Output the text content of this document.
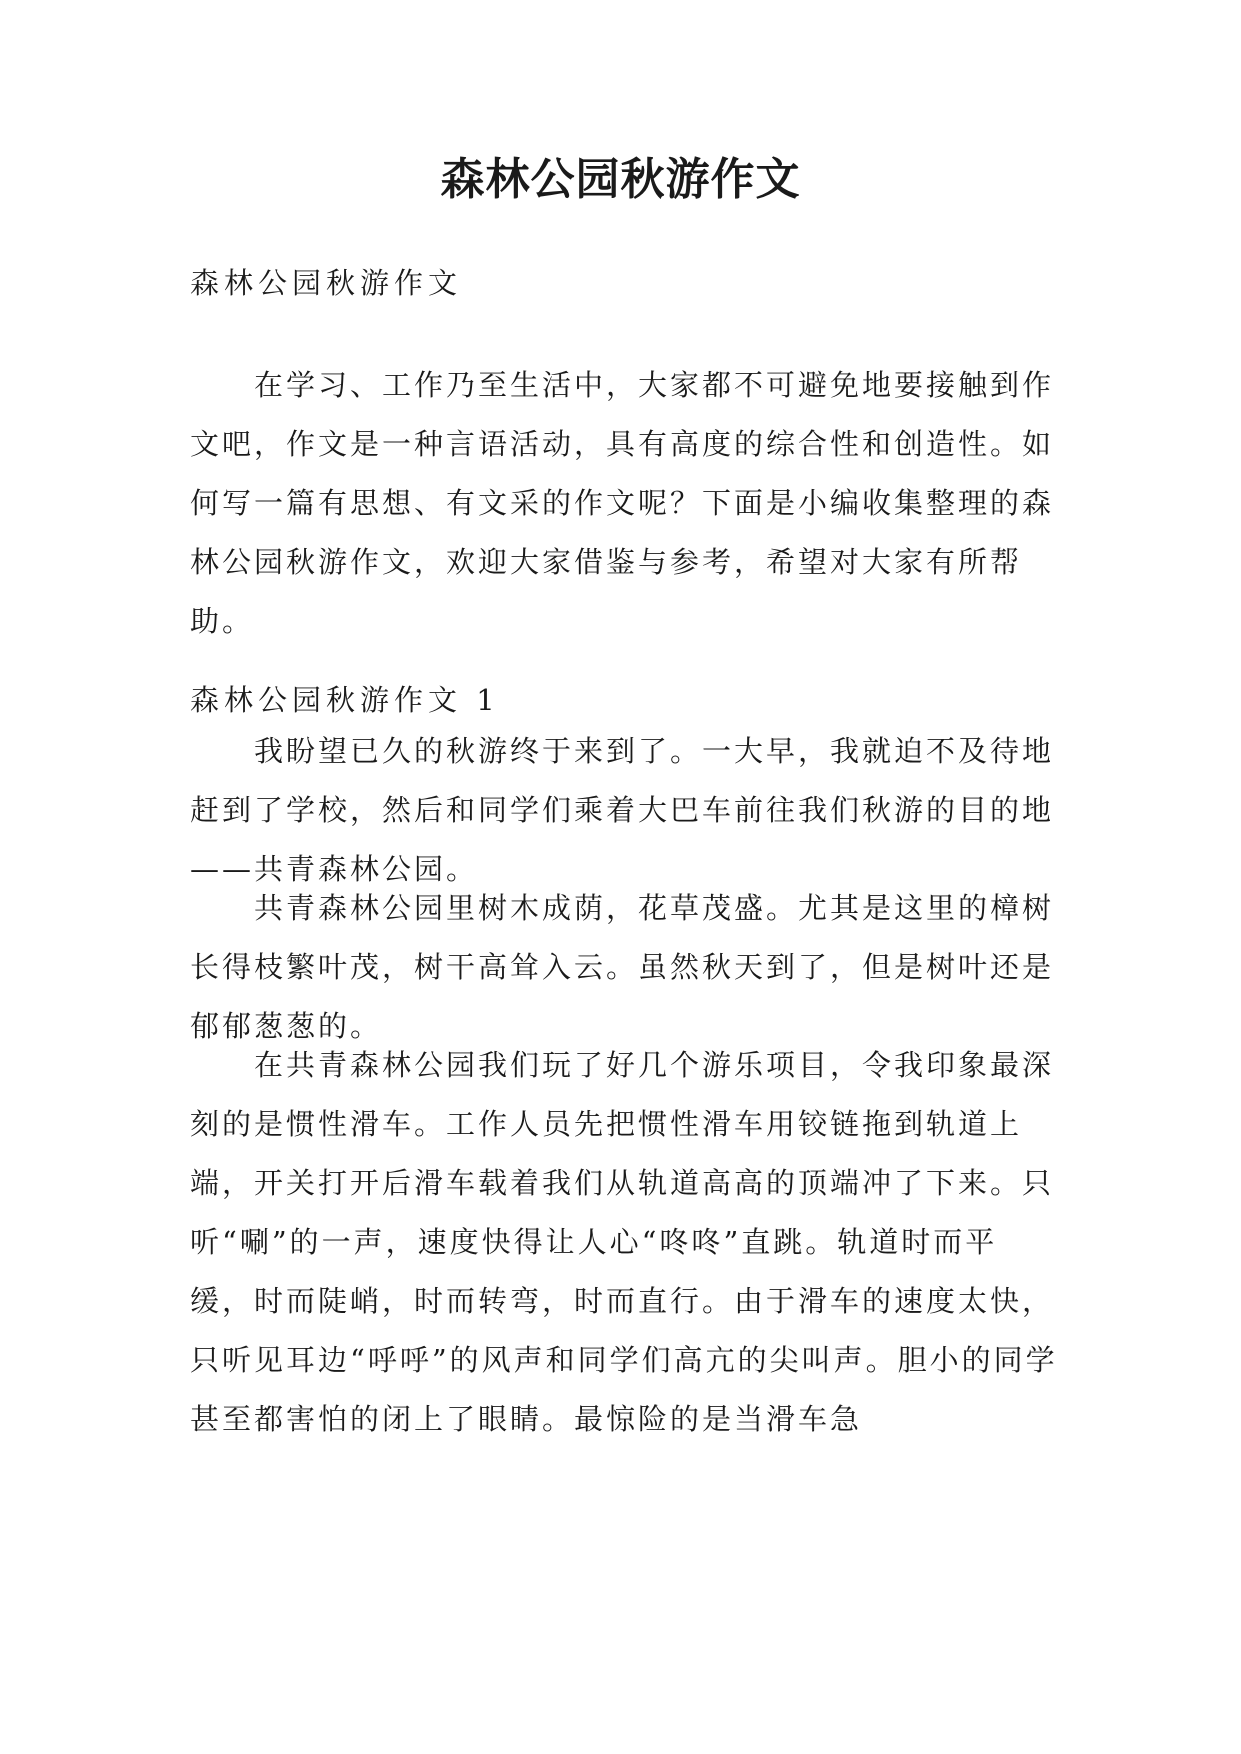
森林公园秋游作文

森林公园秋游作文

在学习、工作乃至生活中，大家都不可避免地要接触到作文吧，作文是一种言语活动，具有高度的综合性和创造性。如何写一篇有思想、有文采的作文呢？下面是小编收集整理的森林公园秋游作文，欢迎大家借鉴与参考，希望对大家有所帮助。

森林公园秋游作文 1

我盼望已久的秋游终于来到了。一大早，我就迫不及待地赶到了学校，然后和同学们乘着大巴车前往我们秋游的目的地——共青森林公园。

共青森林公园里树木成荫，花草茂盛。尤其是这里的樟树长得枝繁叶茂，树干高耸入云。虽然秋天到了，但是树叶还是郁郁葱葱的。

在共青森林公园我们玩了好几个游乐项目，令我印象最深刻的是惯性滑车。工作人员先把惯性滑车用铰链拖到轨道上端，开关打开后滑车载着我们从轨道高高的顶端冲了下来。只听“唰”的一声，速度快得让人心“咚咚”直跳。轨道时而平缓，时而陡峭，时而转弯，时而直行。由于滑车的速度太快，只听见耳边“呼呼”的风声和同学们高亢的尖叫声。胆小的同学甚至都害怕的闭上了眼睛。最惊险的是当滑车急
